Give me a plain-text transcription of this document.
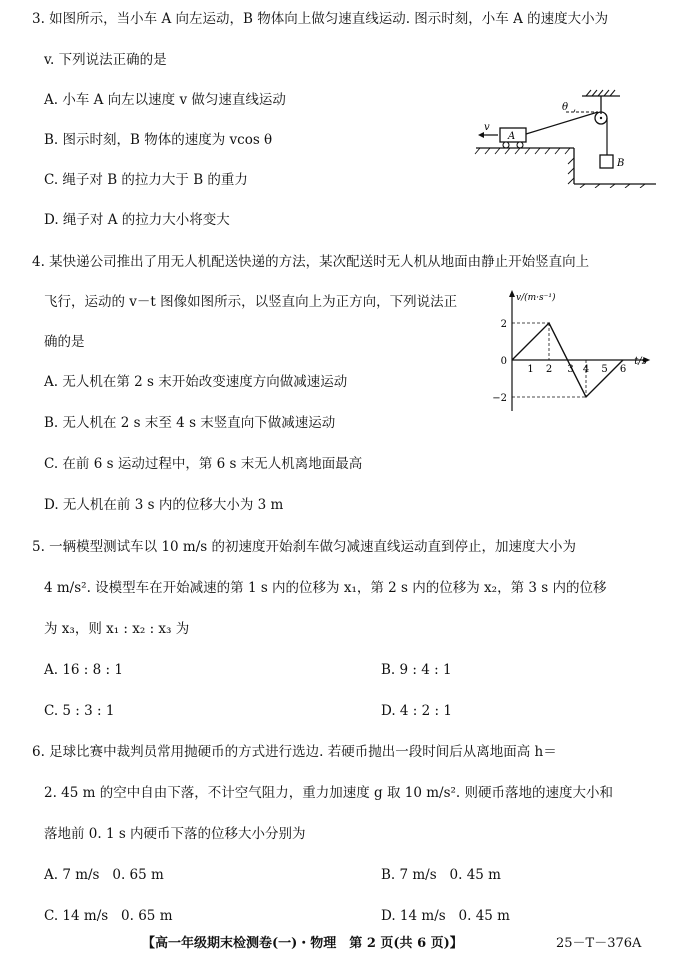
3. 如图所示，当小车 A 向左运动，B 物体向上做匀速直线运动. 图示时刻，小车 A 的速度大小为
v. 下列说法正确的是
A. 小车 A 向左以速度 v 做匀速直线运动
B. 图示时刻，B 物体的速度为 vcos θ
C. 绳子对 B 的拉力大于 B 的重力
D. 绳子对 A 的拉力大小将变大
θ
B
A
v
4. 某快递公司推出了用无人机配送快递的方法，某次配送时无人机从地面由静止开始竖直向上
飞行，运动的 v－t 图像如图所示，以竖直向上为正方向，下列说法正
确的是
A. 无人机在第 2 s 末开始改变速度方向做减速运动
B. 无人机在 2 s 末至 4 s 末竖直向下做减速运动
C. 在前 6 s 运动过程中，第 6 s 末无人机离地面最高
D. 无人机在前 3 s 内的位移大小为 3 m
2
0
−2
1 2 3 4 5 6
v/(m·s⁻¹)
t/s
5. 一辆模型测试车以 10 m/s 的初速度开始刹车做匀减速直线运动直到停止，加速度大小为
4 m/s². 设模型车在开始减速的第 1 s 内的位移为 x₁，第 2 s 内的位移为 x₂，第 3 s 内的位移
为 x₃，则 x₁ : x₂ : x₃ 为
A. 16 : 8 : 1	B. 9 : 4 : 1
C. 5 : 3 : 1	D. 4 : 2 : 1
6. 足球比赛中裁判员常用抛硬币的方式进行选边. 若硬币抛出一段时间后从离地面高 h＝
2. 45 m 的空中自由下落，不计空气阻力，重力加速度 g 取 10 m/s². 则硬币落地的速度大小和
落地前 0. 1 s 内硬币下落的位移大小分别为
A. 7 m/s   0. 65 m	B. 7 m/s   0. 45 m
C. 14 m/s   0. 65 m	D. 14 m/s   0. 45 m
【高一年级期末检测卷(一)・物理　第 2 页(共 6 页)】	25－T－376A
